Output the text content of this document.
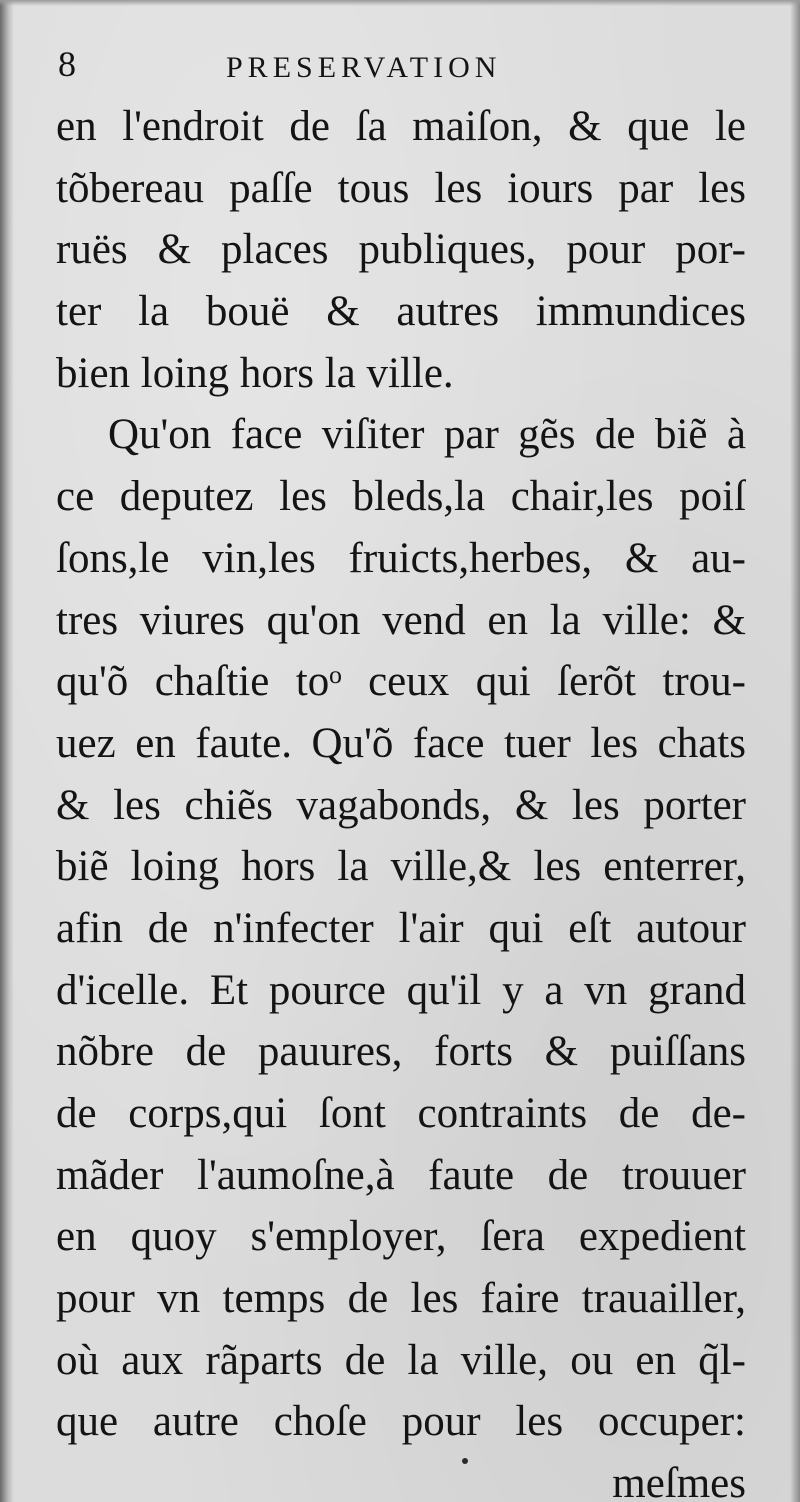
8	PRESERVATION
en l'endroit de ſa maiſon, & que le
tõbereau paſſe tous les iours par les
ruës & places publiques, pour por-
ter la bouë & autres immundices
bien loing hors la ville.
Qu'on face viſiter par gẽs de biẽ à
ce deputez les bleds,la chair,les poiſ
ſons,le vin,les fruicts,herbes, & au-
tres viures qu'on vend en la ville: &
qu'õ chaſtie toᵒ ceux qui ſerõt trou-
uez en faute. Qu'õ face tuer les chats
& les chiẽs vagabonds, & les porter
biẽ loing hors la ville,& les enterrer,
afin de n'infecter l'air qui eſt autour
d'icelle. Et pource qu'il y a vn grand
nõbre de pauures, forts & puiſſans
de corps,qui ſont contraints de de-
mãder l'aumoſne,à faute de trouuer
en quoy s'employer, ſera expedient
pour vn temps de les faire trauailler,
où aux rãparts de la ville, ou en q̃l-
que autre choſe pour les occuper:
meſmes
